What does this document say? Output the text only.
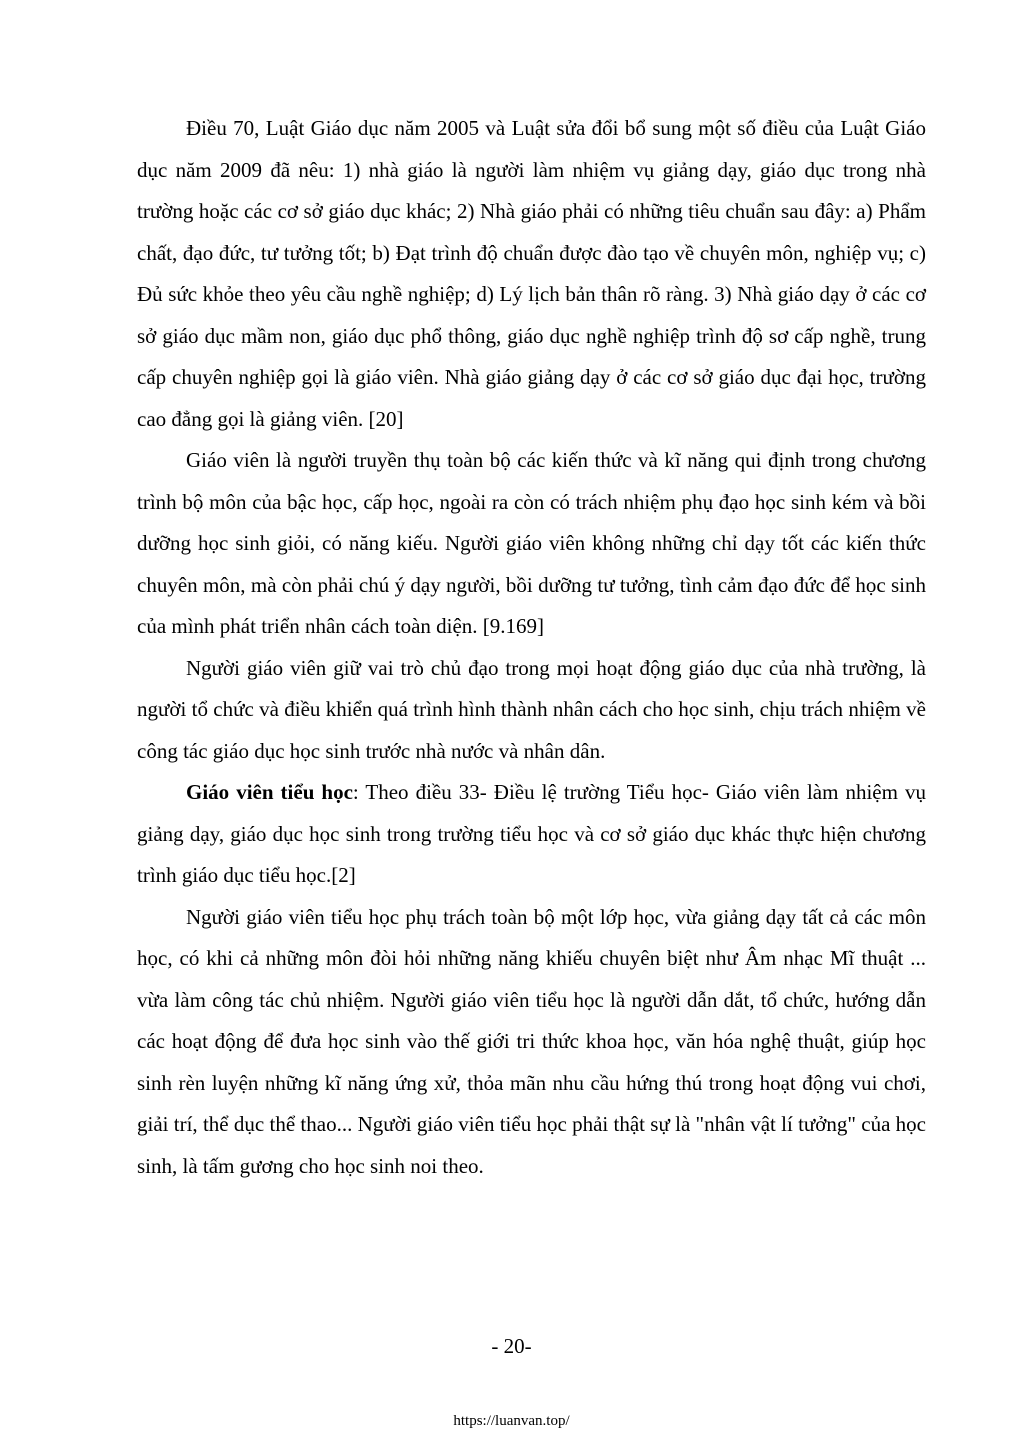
Điều 70, Luật Giáo dục năm 2005 và Luật sửa đổi bổ sung một số điều của Luật Giáo dục năm 2009 đã nêu: 1) nhà giáo là người làm nhiệm vụ giảng dạy, giáo dục trong nhà trường hoặc các cơ sở giáo dục khác; 2) Nhà giáo phải có những tiêu chuẩn sau đây: a) Phẩm chất, đạo đức, tư tưởng tốt; b) Đạt trình độ chuẩn được đào tạo về chuyên môn, nghiệp vụ; c) Đủ sức khỏe theo yêu cầu nghề nghiệp; d) Lý lịch bản thân rõ ràng. 3) Nhà giáo dạy ở các cơ sở giáo dục mầm non, giáo dục phổ thông, giáo dục nghề nghiệp trình độ sơ cấp nghề, trung cấp chuyên nghiệp gọi là giáo viên. Nhà giáo giảng dạy ở các cơ sở giáo dục đại học, trường cao đẳng gọi là giảng viên. [20]

Giáo viên là người truyền thụ toàn bộ các kiến thức và kĩ năng qui định trong chương trình bộ môn của bậc học, cấp học, ngoài ra còn có trách nhiệm phụ đạo học sinh kém và bồi dưỡng học sinh giỏi, có năng kiếu. Người giáo viên không những chỉ dạy tốt các kiến thức chuyên môn, mà còn phải chú ý dạy người, bồi dưỡng tư tưởng, tình cảm đạo đức để học sinh của mình phát triển nhân cách toàn diện. [9.169]

Người giáo viên giữ vai trò chủ đạo trong mọi hoạt động giáo dục của nhà trường, là người tổ chức và điều khiển quá trình hình thành nhân cách cho học sinh, chịu trách nhiệm về công tác giáo dục học sinh trước nhà nước và nhân dân.

Giáo viên tiểu học: Theo điều 33- Điều lệ trường Tiểu học- Giáo viên làm nhiệm vụ giảng dạy, giáo dục học sinh trong trường tiểu học và cơ sở giáo dục khác thực hiện chương trình giáo dục tiểu học.[2]

Người giáo viên tiểu học phụ trách toàn bộ một lớp học, vừa giảng dạy tất cả các môn học, có khi cả những môn đòi hỏi những năng khiếu chuyên biệt như Âm nhạc Mĩ thuật ... vừa làm công tác chủ nhiệm. Người giáo viên tiểu học là người dẫn dắt, tổ chức, hướng dẫn các hoạt động để đưa học sinh vào thế giới tri thức khoa học, văn hóa nghệ thuật, giúp học sinh rèn luyện những kĩ năng ứng xử, thỏa mãn nhu cầu hứng thú trong hoạt động vui chơi, giải trí, thể dục thể thao... Người giáo viên tiểu học phải thật sự là "nhân vật lí tưởng" của học sinh, là tấm gương cho học sinh noi theo.

- 20-
https://luanvan.top/
